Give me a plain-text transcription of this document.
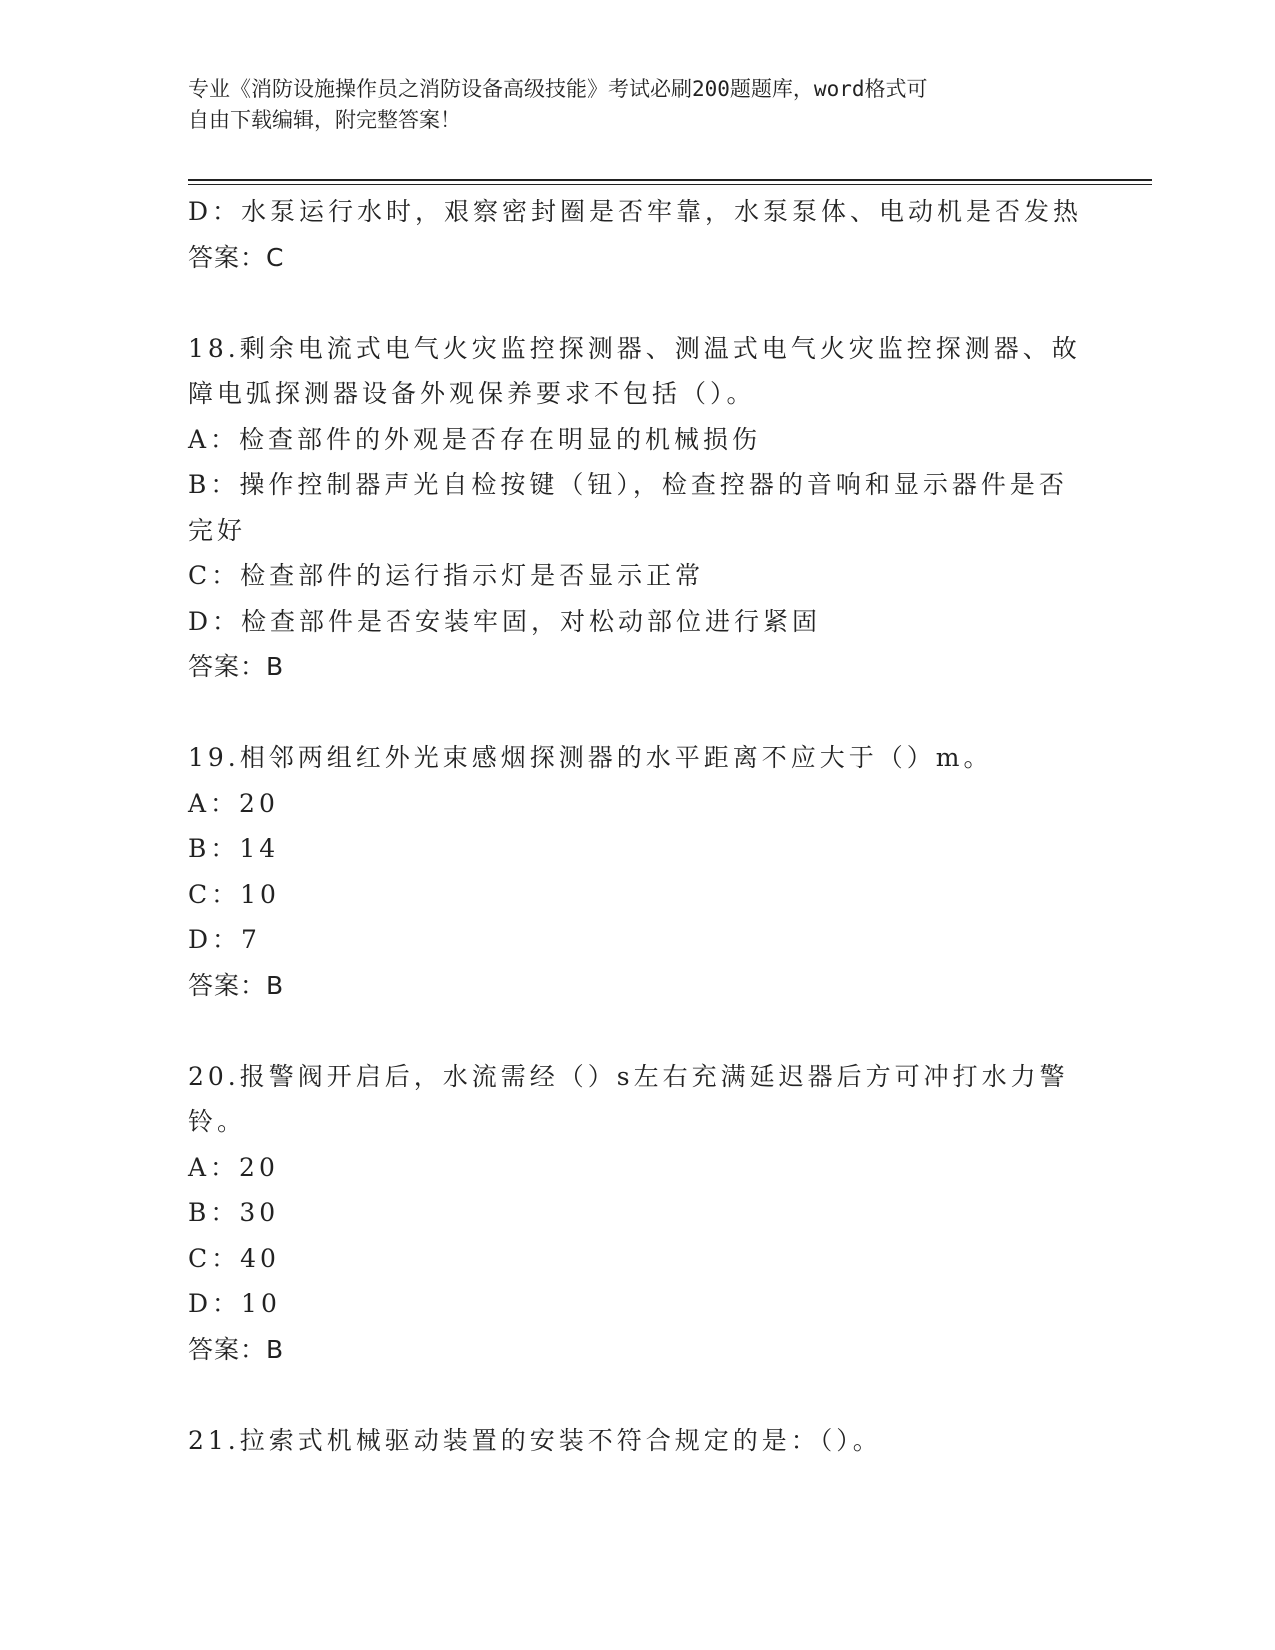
专业《消防设施操作员之消防设备高级技能》考试必刷200题题库，word格式可
自由下载编辑，附完整答案！
D：水泵运行水时，艰察密封圈是否牢靠，水泵泵体、电动机是否发热
答案：C
18.剩余电流式电气火灾监控探测器、测温式电气火灾监控探测器、故
障电弧探测器设备外观保养要求不包括（）。
A：检查部件的外观是否存在明显的机械损伤
B：操作控制器声光自检按键（钮），检查控器的音响和显示器件是否
完好
C：检查部件的运行指示灯是否显示正常
D：检查部件是否安装牢固，对松动部位进行紧固
答案：B
19.相邻两组红外光束感烟探测器的水平距离不应大于（）m。
A：20
B：14
C：10
D：7
答案：B
20.报警阀开启后，水流需经（）s左右充满延迟器后方可冲打水力警
铃。
A：20
B：30
C：40
D：10
答案：B
21.拉索式机械驱动装置的安装不符合规定的是：（）。
